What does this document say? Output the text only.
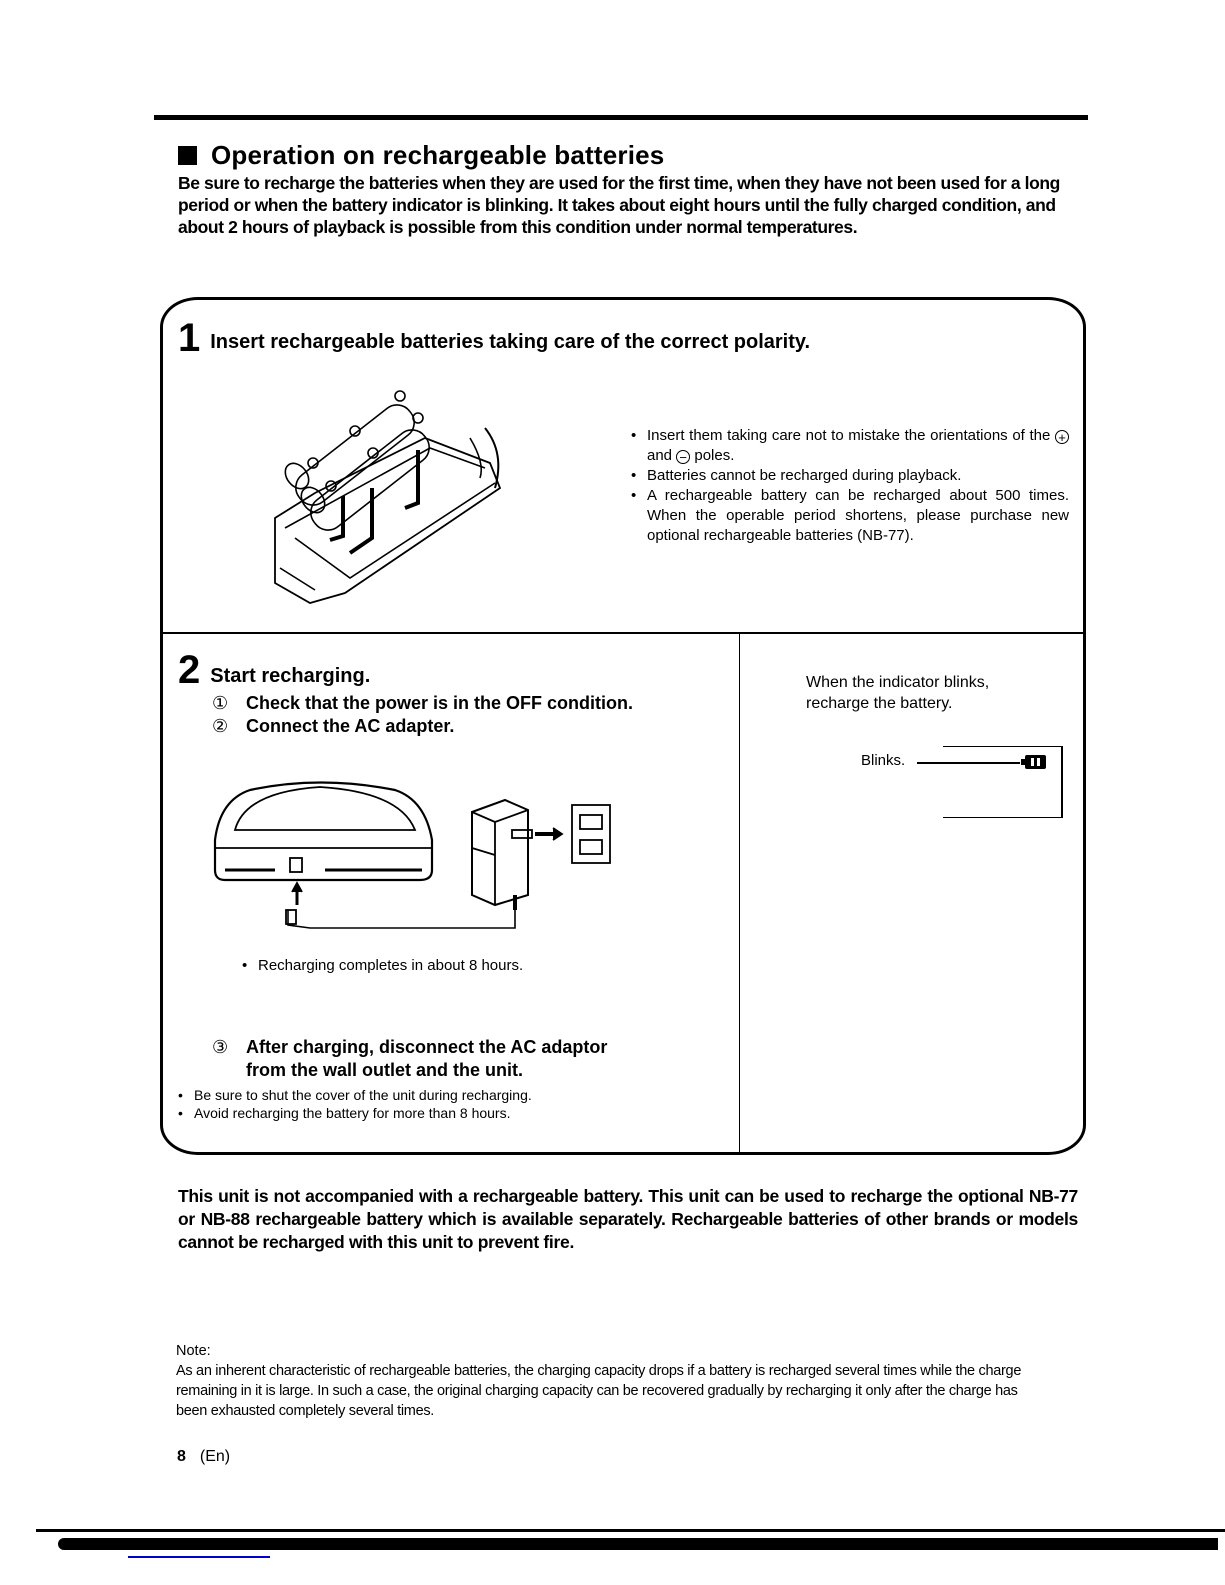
Operation on rechargeable batteries
Be sure to recharge the batteries when they are used for the first time, when they have not been used for a long period or when the battery indicator is blinking. It takes about eight hours until the fully charged condition, and about 2 hours of playback is possible from this condition under normal temperatures.
1 Insert rechargeable batteries taking care of the correct polarity.
• Insert them taking care not to mistake the orientations of the + and − poles.
• Batteries cannot be recharged during playback.
• A rechargeable battery can be recharged about 500 times. When the operable period shortens, please purchase new optional rechargeable batteries (NB-77).
2 Start recharging.
① Check that the power is in the OFF condition.
② Connect the AC adapter.
• Recharging completes in about 8 hours.
③ After charging, disconnect the AC adaptor
from the wall outlet and the unit.
• Be sure to shut the cover of the unit during recharging.
• Avoid recharging the battery for more than 8 hours.
When the indicator blinks,
recharge the battery.
Blinks.
This unit is not accompanied with a rechargeable battery. This unit can be used to recharge the optional NB-77 or NB-88 rechargeable battery which is available separately. Rechargeable batteries of other brands or models cannot be recharged with this unit to prevent fire.
Note:
As an inherent characteristic of rechargeable batteries, the charging capacity drops if a battery is recharged several times while the charge remaining in it is large. In such a case, the original charging capacity can be recovered gradually by recharging it only after the charge has been exhausted completely several times.
8 (En)
